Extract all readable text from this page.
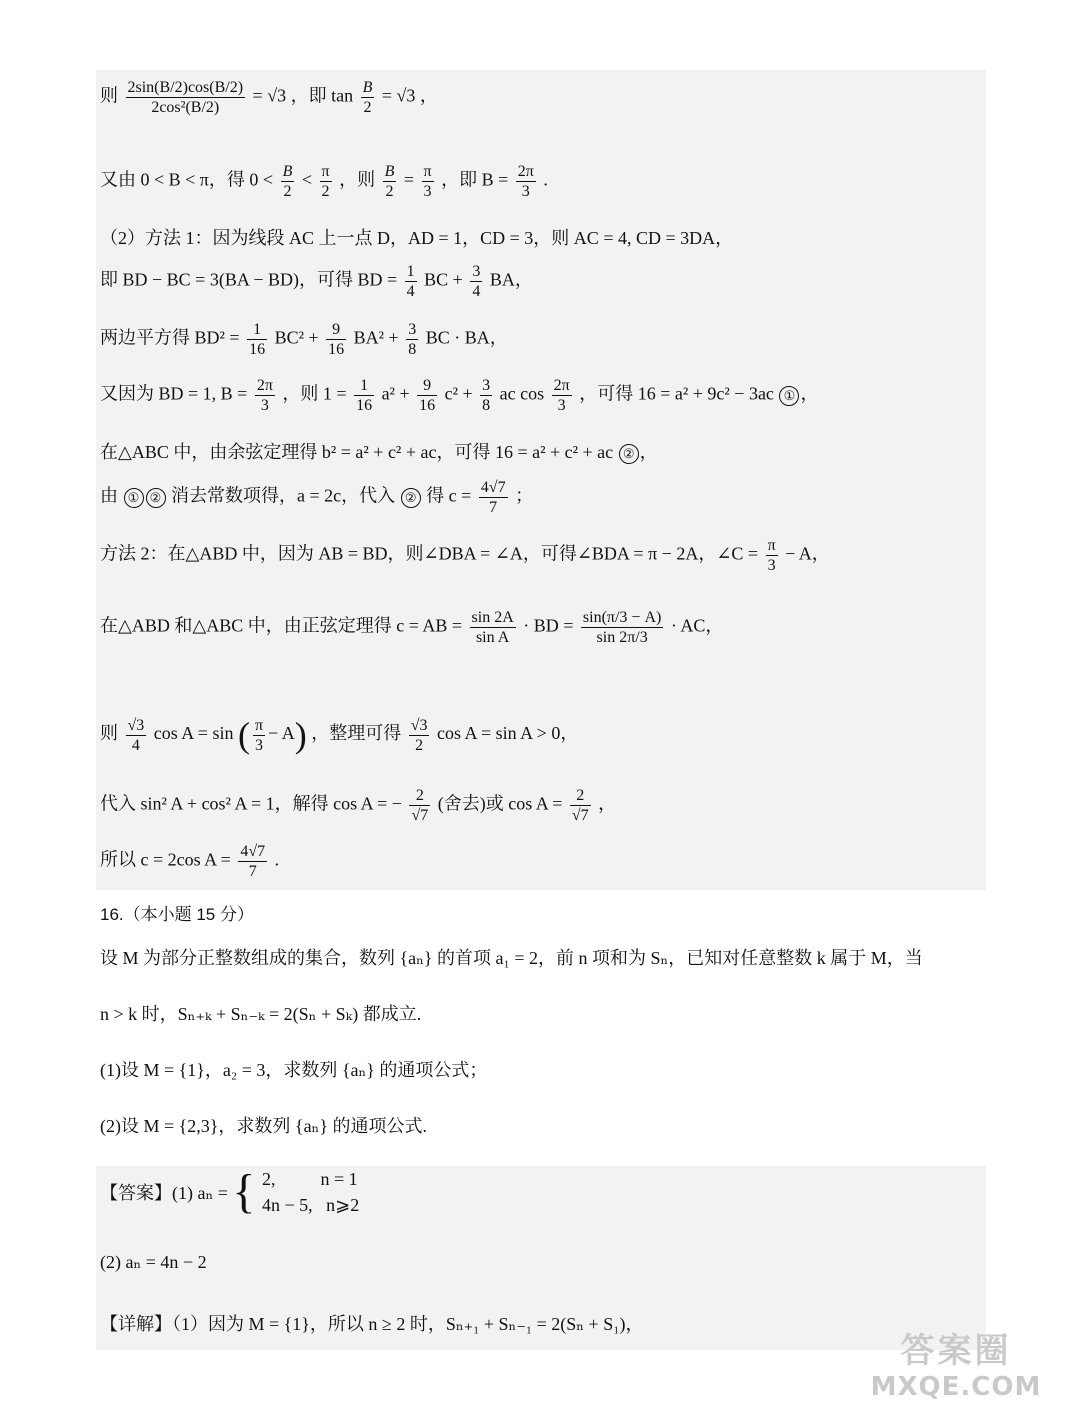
则 $\frac{2\sin(B/2)\cos(B/2)}{\text{2cos²(B/2)}} = √3$ ，即 $\tan \frac{B}{2} = √3$ ，
又由 0 < B < π，得 $0 < \frac{B}{2} < \frac{\pi}{2}$ ，则 $\frac{B}{2} = \frac{\pi}{3}$ ，即 $B = \frac{2\pi}{3}$ .
（2）方法 1：因为线段 AC 上一点 D，AD = 1，CD = 3，则 AC = 4, CD = 3DA，
即 BD − BC = 3(BA − BD)，可得 BD = $\frac{1}{4}$ BC + $\frac{3}{4}$ BA，
两边平方得 $BD^2 = \frac{1}{16} BC^2 + \frac{9}{16} BA^2 + \frac{3}{8}$ BC · BA，
又因为 BD = 1, $B = \frac{2\pi}{3}$ ，则 $1 = \frac{1}{16} a^2 + \frac{9}{16} c^2 + \frac{3}{8}$ ac $\cos \frac{2\pi}{3}$ ，可得 16 = a² + 9c² − 3ac ① ，
在△ABC 中，由余弦定理得 b² = a² + c² + ac，可得 16 = a² + c² + ac ② ，
由 ① ② 消去常数项得，a = 2c，代入 ② 得 $c = \frac{4√7}{7}$ ；
方法 2：在△ABD 中，因为 AB = BD，则∠DBA = ∠A，可得∠BDA = π − 2A，∠C = $\frac{\pi}{3} - A$，
在△ABD 和△ABC 中，由正弦定理得 c = AB = $\frac{\sin 2A}{\text{sin A}}$ · BD = $\frac{\sin(\pi/3 - A)}{\sin 2\pi/3}$ · AC，
则 $\frac{√3}{4}$ cos A = sin ( $\frac{\pi}{3} - A$) ，整理可得 $\frac{√3}{2}$ cos A = sin A > 0，
代入 sin² A + cos² A = 1，解得 cos A = − $\frac{2}{√7}$ (舍去)或 $\cos A = \frac{2}{√7}$ ，
所以 c = 2cos $A = \frac{4√7}{7}$ .
16.（本小题 15 分）
设 M 为部分正整数组成的集合，数列 {aₙ} 的首项 a₁ = 2，前 n 项和为 Sₙ，已知对任意整数 k 属于 M，当
n > k 时，Sₙ₊ₖ + Sₙ₋ₖ = 2(Sₙ + Sₖ) 都成立.
(1)设 M = {1}，a₂ = 3，求数列 {aₙ} 的通项公式；
(2)设 M = {2,3}，求数列 {aₙ} 的通项公式.
【答案】(1) aₙ = { 2,          n = 1
4n − 5,   n⩾2
(2) aₙ = 4n − 2
【详解】（1）因为 M = {1}，所以 n ≥ 2 时，Sₙ₊₁ + Sₙ₋₁ = 2(Sₙ + S₁)，
答案圈
MXQE.COM
